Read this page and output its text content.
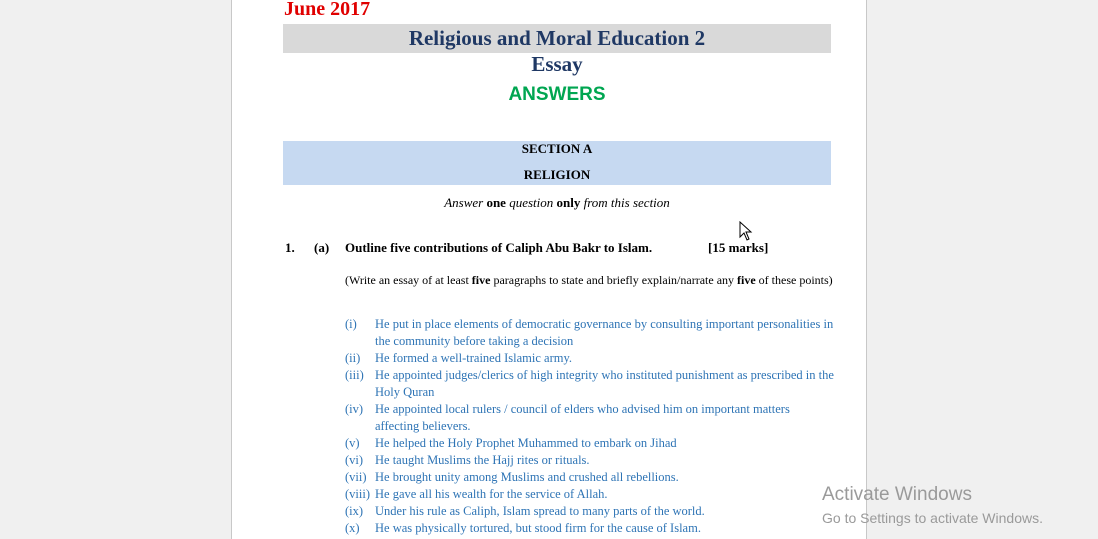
June 2017
Religious and Moral Education 2
Essay
ANSWERS
SECTION A
RELIGION
Answer one question only from this section
1. (a) Outline five contributions of Caliph Abu Bakr to Islam.	[15 marks]
(Write an essay of at least five paragraphs to state and briefly explain/narrate any five of these points)
(i) He put in place elements of democratic governance by consulting important personalities in the community before taking a decision
(ii) He formed a well-trained Islamic army.
(iii) He appointed judges/clerics of high integrity who instituted punishment as prescribed in the Holy Quran
(iv) He appointed local rulers / council of elders who advised him on important matters affecting believers.
(v) He helped the Holy Prophet Muhammed to embark on Jihad
(vi) He taught Muslims the Hajj rites or rituals.
(vii) He brought unity among Muslims and crushed all rebellions.
(viii) He gave all his wealth for the service of Allah.
(ix) Under his rule as Caliph, Islam spread to many parts of the world.
(x) He was physically tortured, but stood firm for the cause of Islam.
Activate Windows
Go to Settings to activate Windows.
